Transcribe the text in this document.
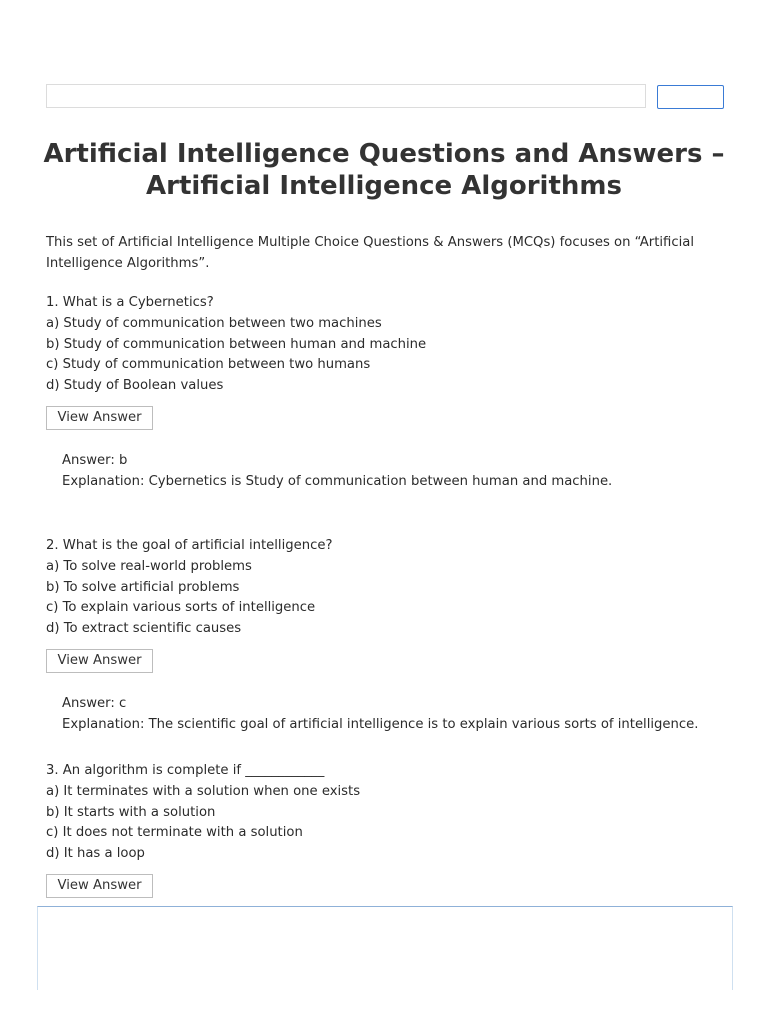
Artificial Intelligence Questions and Answers – Artificial Intelligence Algorithms

This set of Artificial Intelligence Multiple Choice Questions & Answers (MCQs) focuses on “Artificial Intelligence Algorithms”.

1. What is a Cybernetics?

a) Study of communication between two machines

b) Study of communication between human and machine

c) Study of communication between two humans

d) Study of Boolean values

View Answer

Answer: b

Explanation: Cybernetics is Study of communication between human and machine.

2. What is the goal of artificial intelligence?

a) To solve real-world problems

b) To solve artificial problems

c) To explain various sorts of intelligence

d) To extract scientific causes

View Answer

Answer: c

Explanation: The scientific goal of artificial intelligence is to explain various sorts of intelligence.

3. An algorithm is complete if ____________

a) It terminates with a solution when one exists

b) It starts with a solution

c) It does not terminate with a solution

d) It has a loop

View Answer
